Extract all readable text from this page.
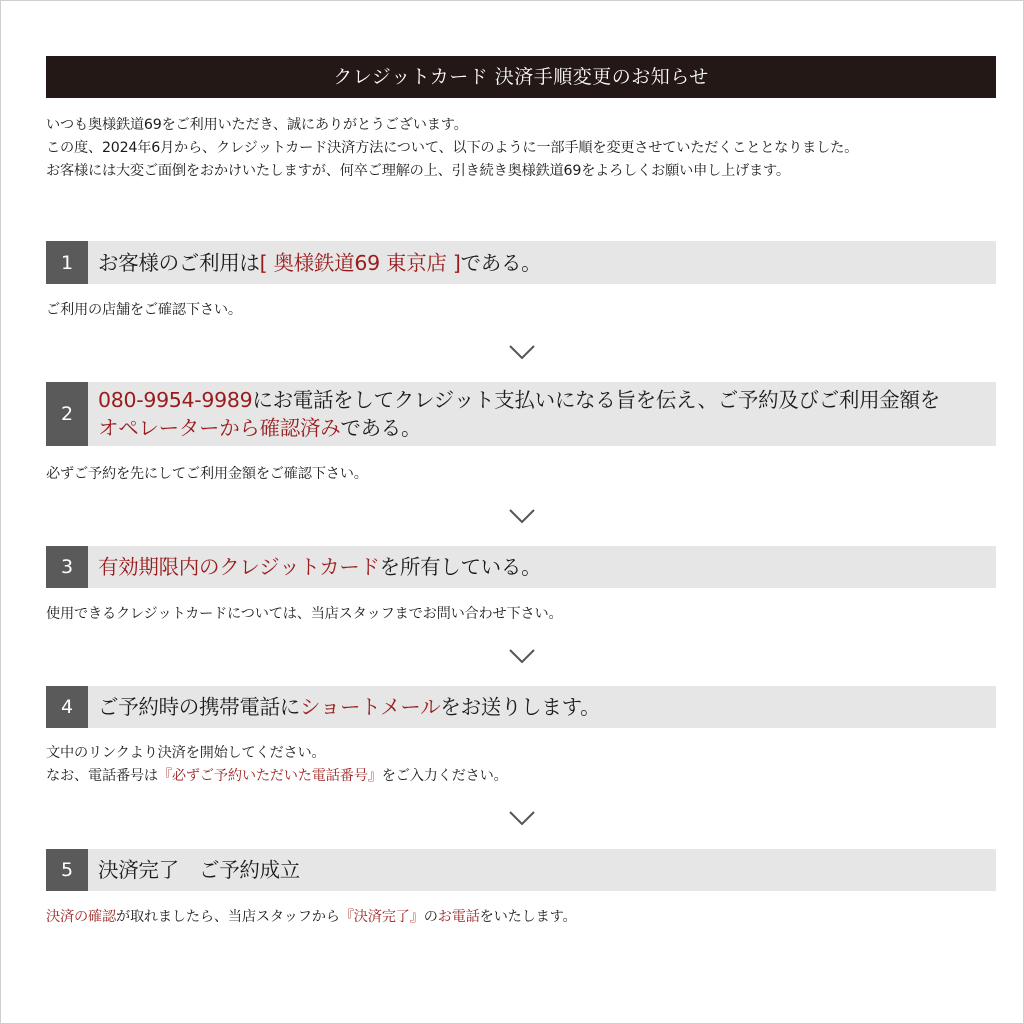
クレジットカード 決済手順変更のお知らせ
いつも奥様鉄道69をご利用いただき、誠にありがとうございます。
この度、2024年6月から、クレジットカード決済方法について、以下のように一部手順を変更させていただくこととなりました。
お客様には大変ご面倒をおかけいたしますが、何卒ご理解の上、引き続き奥様鉄道69をよろしくお願い申し上げます。
1	お客様のご利用は[ 奥様鉄道69 東京店 ]である。
ご利用の店舗をご確認下さい。
2
080-9954-9989にお電話をしてクレジット支払いになる旨を伝え、ご予約及びご利用金額を
オペレーターから確認済みである。
必ずご予約を先にしてご利用金額をご確認下さい。
3	有効期限内のクレジットカードを所有している。
使用できるクレジットカードについては、当店スタッフまでお問い合わせ下さい。
4	ご予約時の携帯電話にショートメールをお送りします。
文中のリンクより決済を開始してください。
なお、電話番号は『必ずご予約いただいた電話番号』をご入力ください。
5	決済完了　ご予約成立
決済の確認が取れましたら、当店スタッフから『決済完了』のお電話をいたします。
